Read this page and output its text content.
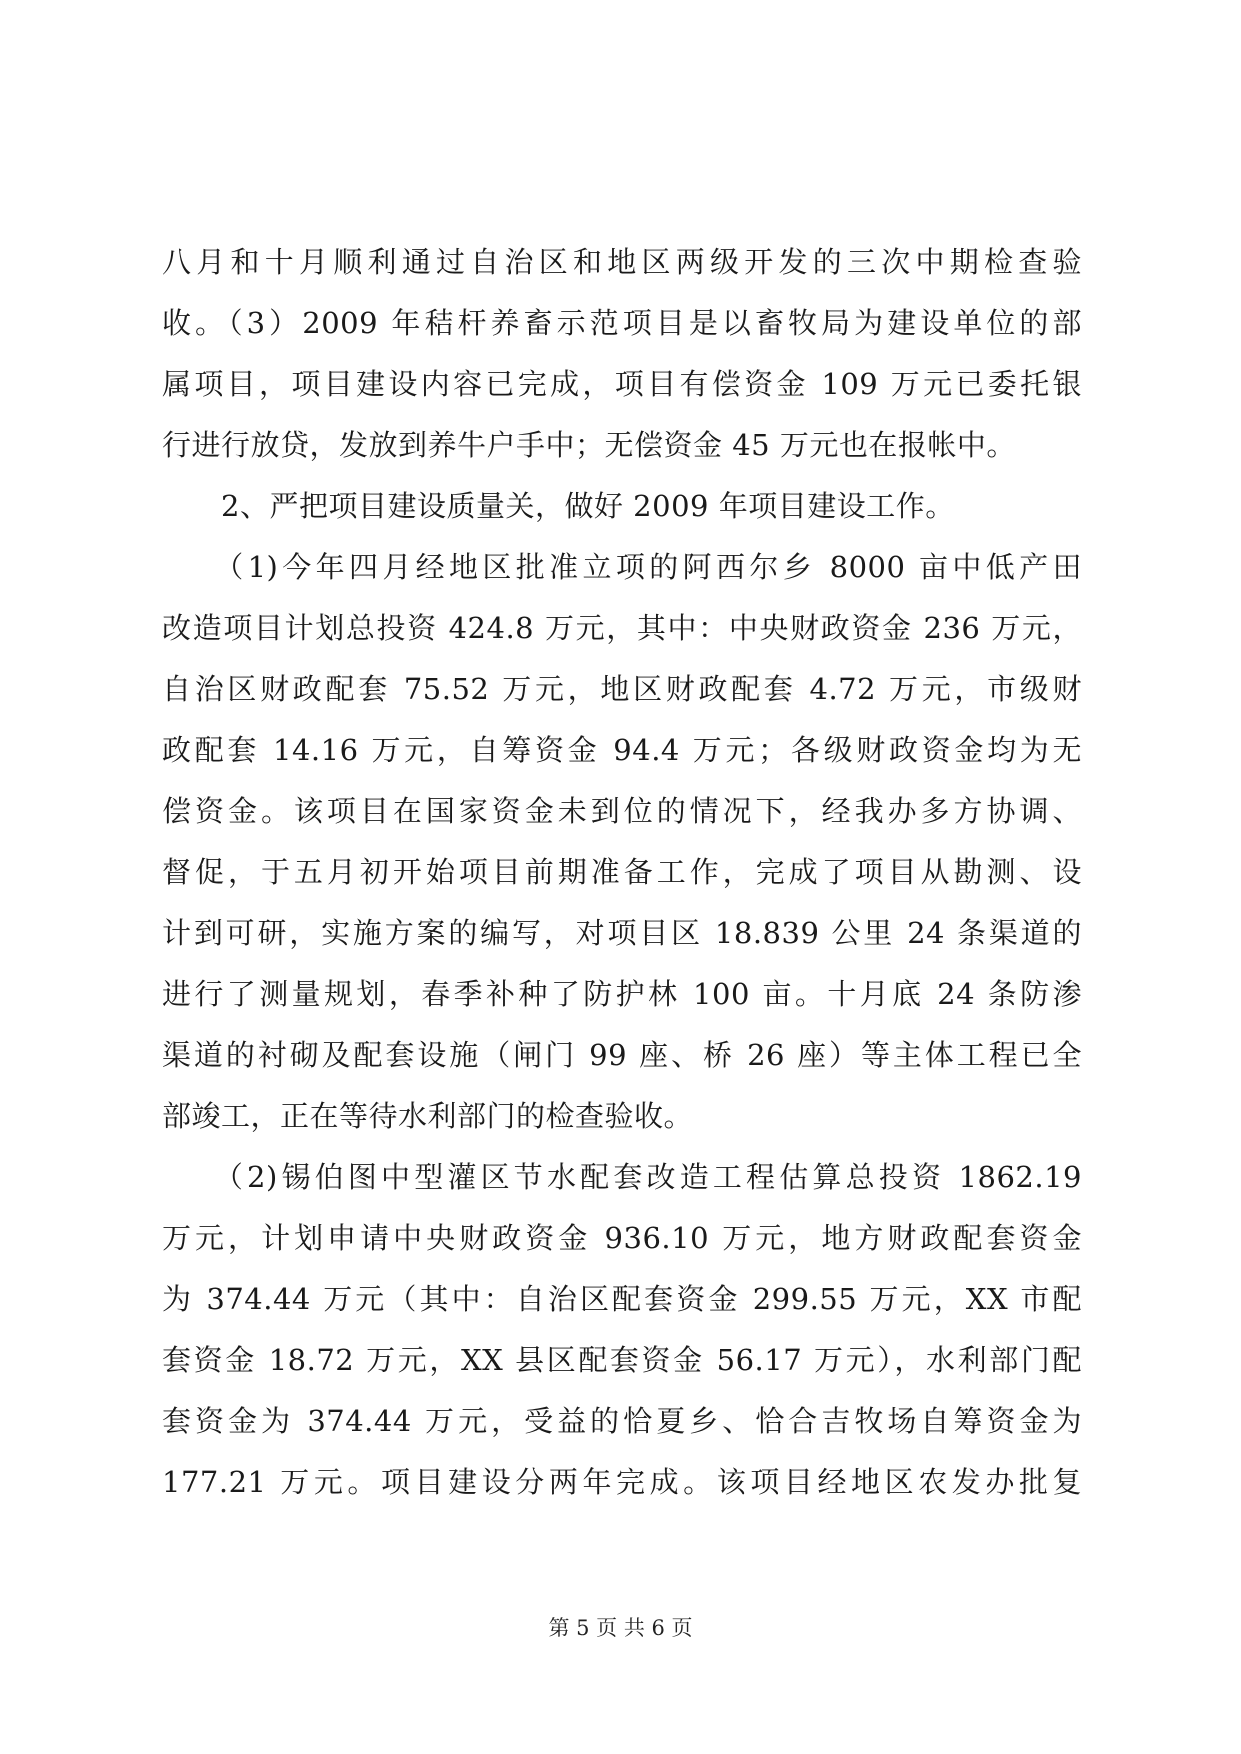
八月和十月顺利通过自治区和地区两级开发的三次中期检查验
收。（3）2009 年秸杆养畜示范项目是以畜牧局为建设单位的部
属项目，项目建设内容已完成，项目有偿资金 109 万元已委托银
行进行放贷，发放到养牛户手中；无偿资金 45 万元也在报帐中。
　　2、严把项目建设质量关，做好 2009 年项目建设工作。
　　（1)今年四月经地区批准立项的阿西尔乡 8000 亩中低产田
改造项目计划总投资 424.8 万元，其中：中央财政资金 236 万元，
自治区财政配套 75.52 万元，地区财政配套 4.72 万元，市级财
政配套 14.16 万元，自筹资金 94.4 万元；各级财政资金均为无
偿资金。该项目在国家资金未到位的情况下，经我办多方协调、
督促，于五月初开始项目前期准备工作，完成了项目从勘测、设
计到可研，实施方案的编写，对项目区 18.839 公里 24 条渠道的
进行了测量规划，春季补种了防护林 100 亩。十月底 24 条防渗
渠道的衬砌及配套设施（闸门 99 座、桥 26 座）等主体工程已全
部竣工，正在等待水利部门的检查验收。
　　（2)锡伯图中型灌区节水配套改造工程估算总投资 1862.19
万元，计划申请中央财政资金 936.10 万元，地方财政配套资金
为 374.44 万元（其中：自治区配套资金 299.55 万元，XX 市配
套资金 18.72 万元，XX 县区配套资金 56.17 万元），水利部门配
套资金为 374.44 万元，受益的恰夏乡、恰合吉牧场自筹资金为
177.21 万元。项目建设分两年完成。该项目经地区农发办批复
第 5 页 共 6 页
